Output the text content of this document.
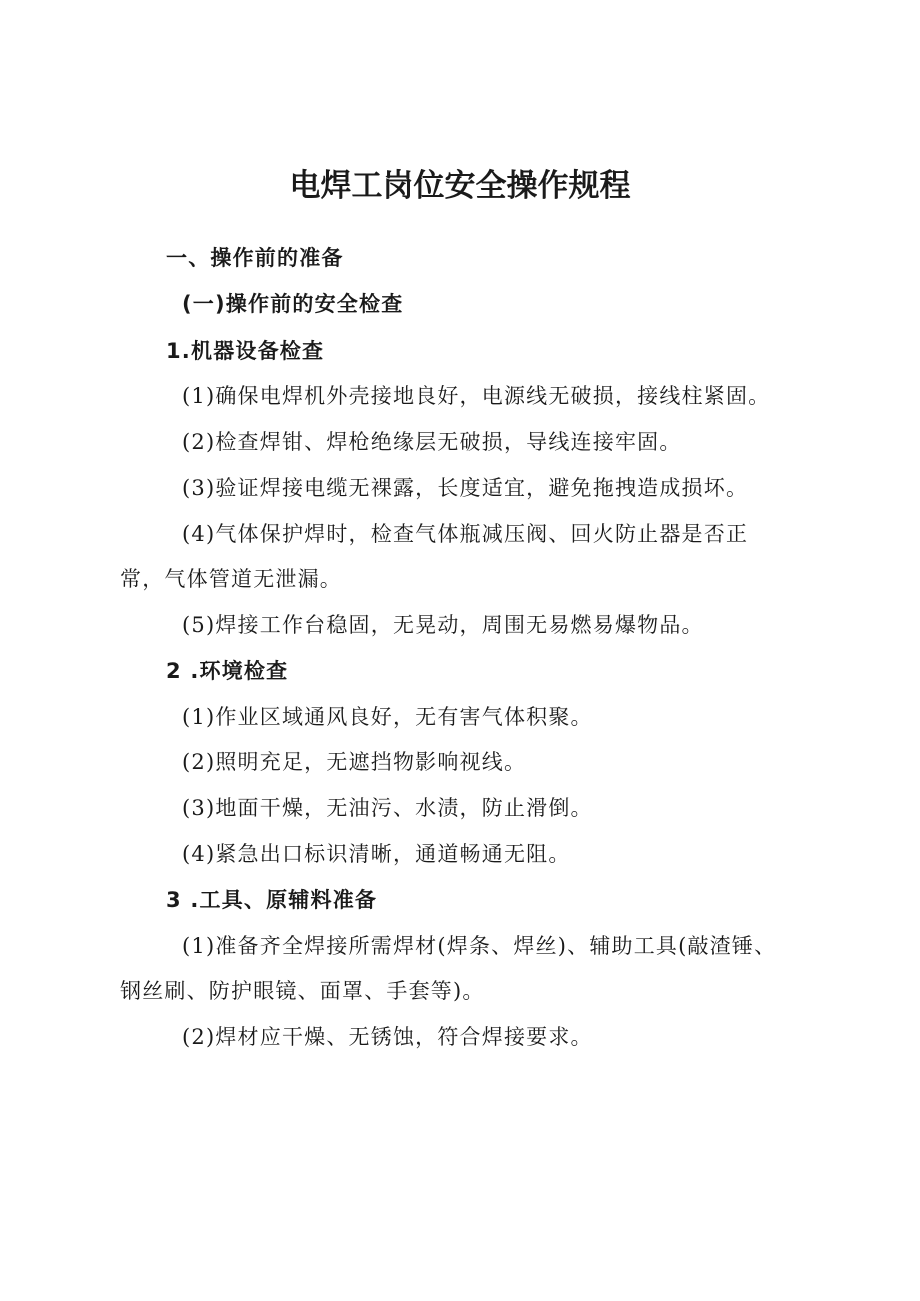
电焊工岗位安全操作规程
一、操作前的准备
(一)操作前的安全检查
1.机器设备检查
(1)确保电焊机外壳接地良好，电源线无破损，接线柱紧固。
(2)检查焊钳、焊枪绝缘层无破损，导线连接牢固。
(3)验证焊接电缆无裸露，长度适宜，避免拖拽造成损坏。
(4)气体保护焊时，检查气体瓶减压阀、回火防止器是否正
常，气体管道无泄漏。
(5)焊接工作台稳固，无晃动，周围无易燃易爆物品。
2 .环境检查
(1)作业区域通风良好，无有害气体积聚。
(2)照明充足，无遮挡物影响视线。
(3)地面干燥，无油污、水渍，防止滑倒。
(4)紧急出口标识清晰，通道畅通无阻。
3 .工具、原辅料准备
(1)准备齐全焊接所需焊材(焊条、焊丝)、辅助工具(敲渣锤、
钢丝刷、防护眼镜、面罩、手套等)。
(2)焊材应干燥、无锈蚀，符合焊接要求。
